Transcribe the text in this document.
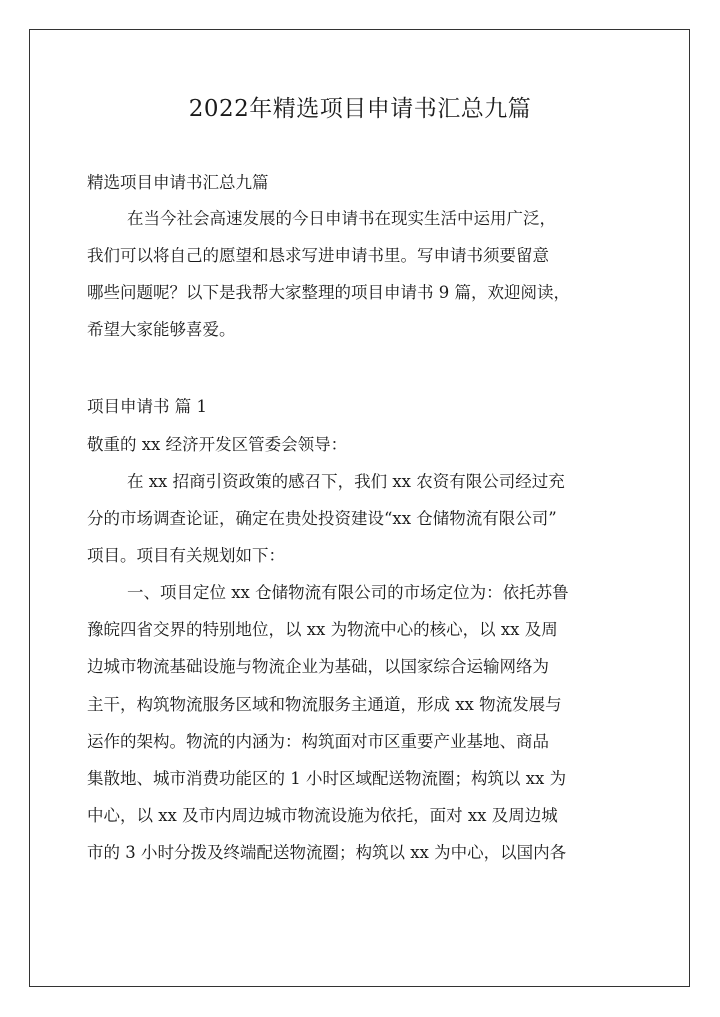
2022年精选项目申请书汇总九篇

精选项目申请书汇总九篇

在当今社会高速发展的今日申请书在现实生活中运用广泛，

我们可以将自己的愿望和恳求写进申请书里。写申请书须要留意

哪些问题呢？以下是我帮大家整理的项目申请书 9 篇，欢迎阅读，

希望大家能够喜爱。

项目申请书 篇 1

敬重的 xx 经济开发区管委会领导：

在 xx 招商引资政策的感召下，我们 xx 农资有限公司经过充

分的市场调查论证，确定在贵处投资建设“xx 仓储物流有限公司”

项目。项目有关规划如下：

一、项目定位 xx 仓储物流有限公司的市场定位为：依托苏鲁

豫皖四省交界的特别地位，以 xx 为物流中心的核心，以 xx 及周

边城市物流基础设施与物流企业为基础，以国家综合运输网络为

主干，构筑物流服务区域和物流服务主通道，形成 xx 物流发展与

运作的架构。物流的内涵为：构筑面对市区重要产业基地、商品

集散地、城市消费功能区的 1 小时区域配送物流圈；构筑以 xx 为

中心，以 xx 及市内周边城市物流设施为依托，面对 xx 及周边城

市的 3 小时分拨及终端配送物流圈；构筑以 xx 为中心，以国内各
